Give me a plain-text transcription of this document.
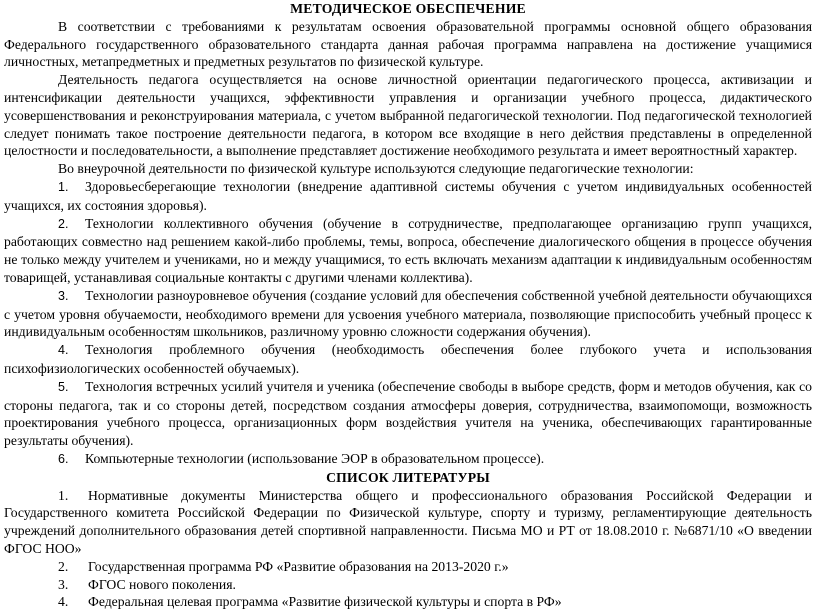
МЕТОДИЧЕСКОЕ ОБЕСПЕЧЕНИЕ

В соответствии с требованиями к результатам освоения образовательной программы основной общего образования Федерального государственного образовательного стандарта данная рабочая программа направлена на достижение учащимися личностных, метапредметных и предметных результатов по физической культуре.

Деятельность педагога осуществляется на основе личностной ориентации педагогического процесса, активизации и интенсификации деятельности учащихся, эффективности управления и организации учебного процесса, дидактического усовершенствования и реконструирования материала, с учетом выбранной педагогической технологии. Под педагогической технологией следует понимать такое построение деятельности педагога, в котором все входящие в него действия представлены в определенной целостности и последовательности, а выполнение представляет достижение необходимого результата и имеет вероятностный характер.

Во внеурочной деятельности по физической культуре используются следующие педагогические технологии:

1. Здоровьесберегающие технологии (внедрение адаптивной системы обучения с учетом индивидуальных особенностей учащихся, их состояния здоровья).
2. Технологии коллективного обучения (обучение в сотрудничестве, предполагающее организацию групп учащихся, работающих совместно над решением какой-либо проблемы, темы, вопроса, обеспечение диалогического общения в процессе обучения не только между учителем и учениками, но и между учащимися, то есть включать механизм адаптации к индивидуальным особенностям товарищей, устанавливая социальные контакты с другими членами коллектива).
3. Технологии разноуровневое обучения (создание условий для обеспечения собственной учебной деятельности обучающихся с учетом уровня обучаемости, необходимого времени для усвоения учебного материала, позволяющие приспособить учебный процесс к индивидуальным особенностям школьников, различному уровню сложности содержания обучения).
4. Технология проблемного обучения (необходимость обеспечения более глубокого учета и использования психофизиологических особенностей обучаемых).
5. Технология встречных усилий учителя и ученика (обеспечение свободы в выборе средств, форм и методов обучения, как со стороны педагога, так и со стороны детей, посредством создания атмосферы доверия, сотрудничества, взаимопомощи, возможность проектирования учебного процесса, организационных форм воздействия учителя на ученика, обеспечивающих гарантированные результаты обучения).
6. Компьютерные технологии (использование ЭОР в образовательном процессе).
СПИСОК ЛИТЕРАТУРЫ
1. Нормативные документы Министерства общего и профессионального образования Российской Федерации и Государственного комитета Российской Федерации по Физической культуре, спорту и туризму, регламентирующие деятельность учреждений дополнительного образования детей спортивной направленности. Письма МО и РТ от 18.08.2010 г. №6871/10 «О введении ФГОС НОО»
2. Государственная программа РФ «Развитие образования на 2013-2020 г.»
3. ФГОС нового поколения.
4. Федеральная целевая программа «Развитие физической культуры и спорта в РФ»
